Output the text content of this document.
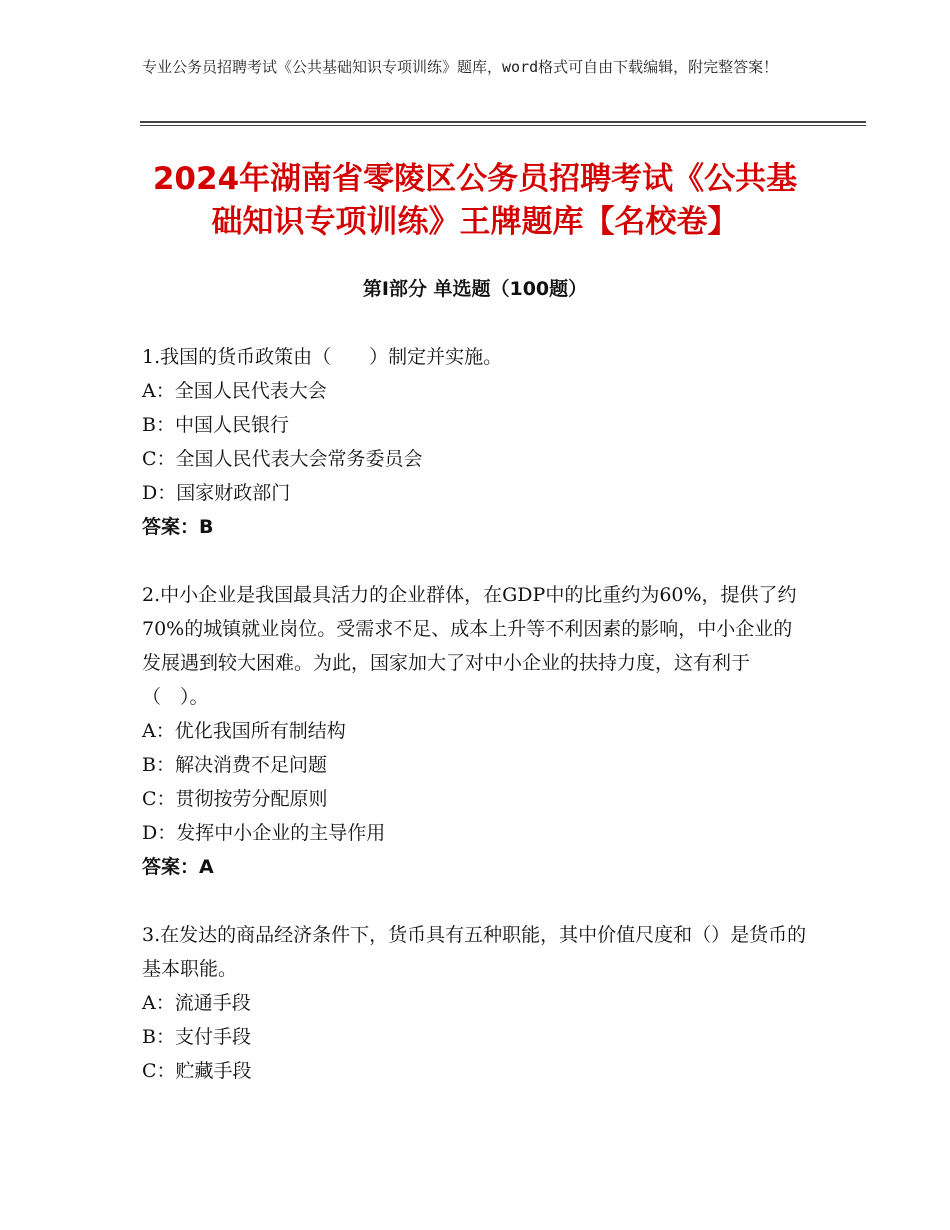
专业公务员招聘考试《公共基础知识专项训练》题库，word格式可自由下载编辑，附完整答案！
2024年湖南省零陵区公务员招聘考试《公共基础知识专项训练》王牌题库【名校卷】
第Ⅰ部分 单选题（100题）

1.我国的货币政策由（　　）制定并实施。

A：全国人民代表大会

B：中国人民银行

C：全国人民代表大会常务委员会

D：国家财政部门

答案：B

2.中小企业是我国最具活力的企业群体，在GDP中的比重约为60%，提供了约70%的城镇就业岗位。受需求不足、成本上升等不利因素的影响，中小企业的发展遇到较大困难。为此，国家加大了对中小企业的扶持力度，这有利于（　）。

A：优化我国所有制结构

B：解决消费不足问题

C：贯彻按劳分配原则

D：发挥中小企业的主导作用

答案：A

3.在发达的商品经济条件下，货币具有五种职能，其中价值尺度和（）是货币的基本职能。

A：流通手段

B：支付手段

C：贮藏手段
